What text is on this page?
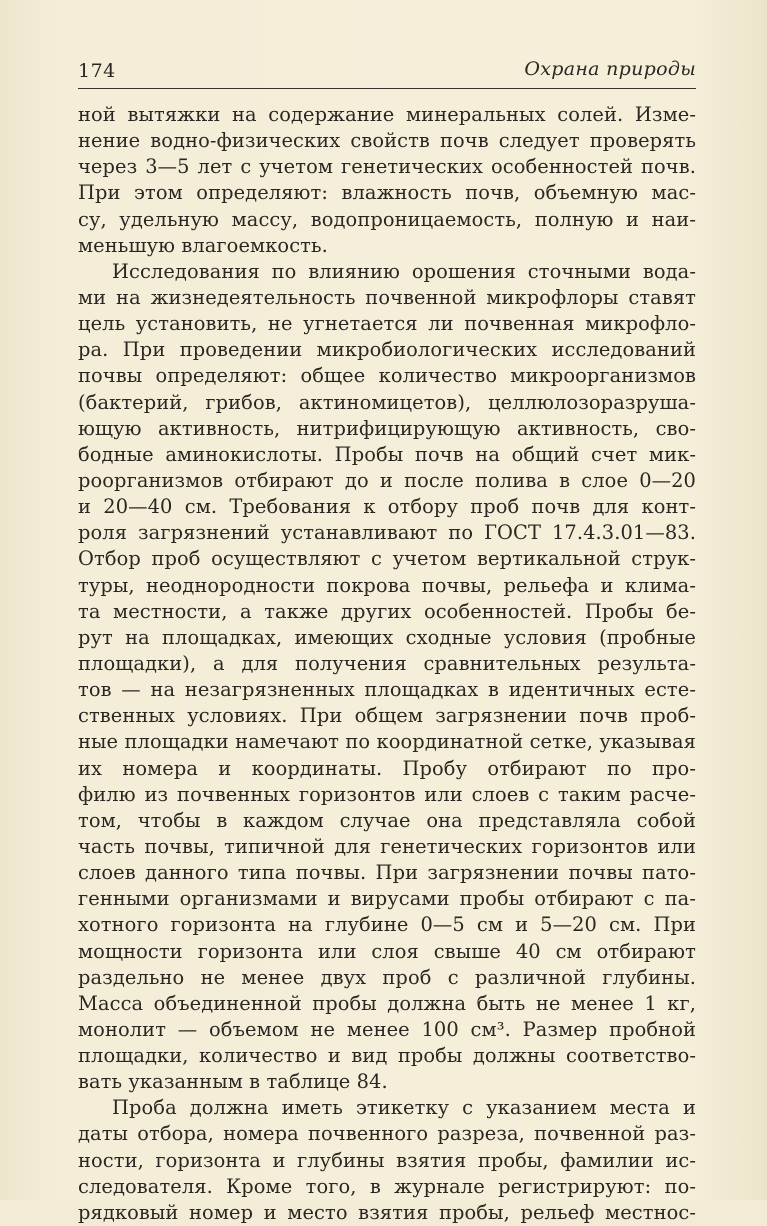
174	Охрана природы
ной вытяжки на содержание минеральных солей. Изме-
нение водно-физических свойств почв следует проверять
через 3—5 лет с учетом генетических особенностей почв.
При этом определяют: влажность почв, объемную мас-
су, удельную массу, водопроницаемость, полную и наи-
меньшую влагоемкость.
Исследования по влиянию орошения сточными вода-
ми на жизнедеятельность почвенной микрофлоры ставят
цель установить, не угнетается ли почвенная микрофло-
ра. При проведении микробиологических исследований
почвы определяют: общее количество микроорганизмов
(бактерий, грибов, актиномицетов), целлюлозоразруша-
ющую активность, нитрифицирующую активность, сво-
бодные аминокислоты. Пробы почв на общий счет мик-
роорганизмов отбирают до и после полива в слое 0—20
и 20—40 см. Требования к отбору проб почв для конт-
роля загрязнений устанавливают по ГОСТ 17.4.3.01—83.
Отбор проб осуществляют с учетом вертикальной струк-
туры, неоднородности покрова почвы, рельефа и клима-
та местности, а также других особенностей. Пробы бе-
рут на площадках, имеющих сходные условия (пробные
площадки), а для получения сравнительных результа-
тов — на незагрязненных площадках в идентичных есте-
ственных условиях. При общем загрязнении почв проб-
ные площадки намечают по координатной сетке, указывая
их номера и координаты. Пробу отбирают по про-
филю из почвенных горизонтов или слоев с таким расче-
том, чтобы в каждом случае она представляла собой
часть почвы, типичной для генетических горизонтов или
слоев данного типа почвы. При загрязнении почвы пато-
генными организмами и вирусами пробы отбирают с па-
хотного горизонта на глубине 0—5 см и 5—20 см. При
мощности горизонта или слоя свыше 40 см отбирают
раздельно не менее двух проб с различной глубины.
Масса объединенной пробы должна быть не менее 1 кг,
монолит — объемом не менее 100 см³. Размер пробной
площадки, количество и вид пробы должны соответство-
вать указанным в таблице 84.
Проба должна иметь этикетку с указанием места и
даты отбора, номера почвенного разреза, почвенной раз-
ности, горизонта и глубины взятия пробы, фамилии ис-
следователя. Кроме того, в журнале регистрируют: по-
рядковый номер и место взятия пробы, рельеф местнос-
